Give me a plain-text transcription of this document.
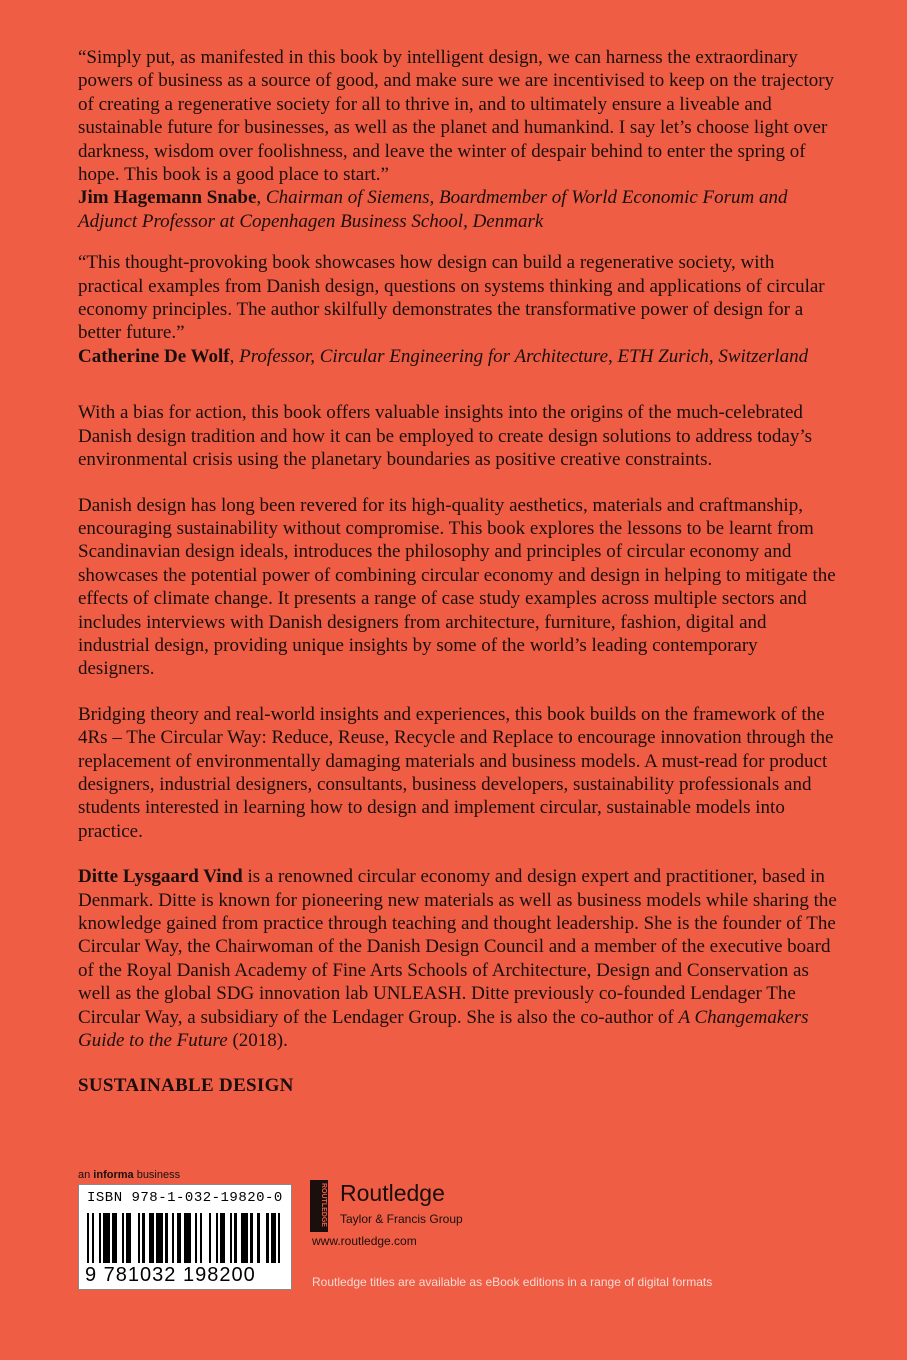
“Simply put, as manifested in this book by intelligent design, we can harness the extraordinary powers of business as a source of good, and make sure we are incentivised to keep on the trajectory of creating a regenerative society for all to thrive in, and to ultimately ensure a liveable and sustainable future for businesses, as well as the planet and humankind. I say let’s choose light over darkness, wisdom over foolishness, and leave the winter of despair behind to enter the spring of hope. This book is a good place to start.”

Jim Hagemann Snabe, Chairman of Siemens, Boardmember of World Economic Forum and Adjunct Professor at Copenhagen Business School, Denmark

“This thought-provoking book showcases how design can build a regenerative society, with practical examples from Danish design, questions on systems thinking and applications of circular economy principles. The author skilfully demonstrates the transformative power of design for a better future.”

Catherine De Wolf, Professor, Circular Engineering for Architecture, ETH Zurich, Switzerland

With a bias for action, this book offers valuable insights into the origins of the much-celebrated Danish design tradition and how it can be employed to create design solutions to address today’s environmental crisis using the planetary boundaries as positive creative constraints.

Danish design has long been revered for its high-quality aesthetics, materials and craftmanship, encouraging sustainability without compromise. This book explores the lessons to be learnt from Scandinavian design ideals, introduces the philosophy and principles of circular economy and showcases the potential power of combining circular economy and design in helping to mitigate the effects of climate change. It presents a range of case study examples across multiple sectors and includes interviews with Danish designers from architecture, furniture, fashion, digital and industrial design, providing unique insights by some of the world’s leading contemporary designers.

Bridging theory and real-world insights and experiences, this book builds on the framework of the 4Rs – The Circular Way: Reduce, Reuse, Recycle and Replace to encourage innovation through the replacement of environmentally damaging materials and business models. A must-read for product designers, industrial designers, consultants, business developers, sustainability professionals and students interested in learning how to design and implement circular, sustainable models into practice.

Ditte Lysgaard Vind is a renowned circular economy and design expert and practitioner, based in Denmark. Ditte is known for pioneering new materials as well as business models while sharing the knowledge gained from practice through teaching and thought leadership. She is the founder of The Circular Way, the Chairwoman of the Danish Design Council and a member of the executive board of the Royal Danish Academy of Fine Arts Schools of Architecture, Design and Conservation as well as the global SDG innovation lab UNLEASH. Ditte previously co-founded Lendager The Circular Way, a subsidiary of the Lendager Group. She is also the co-author of A Changemakers Guide to the Future (2018).

SUSTAINABLE DESIGN

an informa business
ISBN 978-1-032-19820-0
9 781032 198200
ROUTLEDGE Routledge
Taylor & Francis Group
www.routledge.com
Routledge titles are available as eBook editions in a range of digital formats
